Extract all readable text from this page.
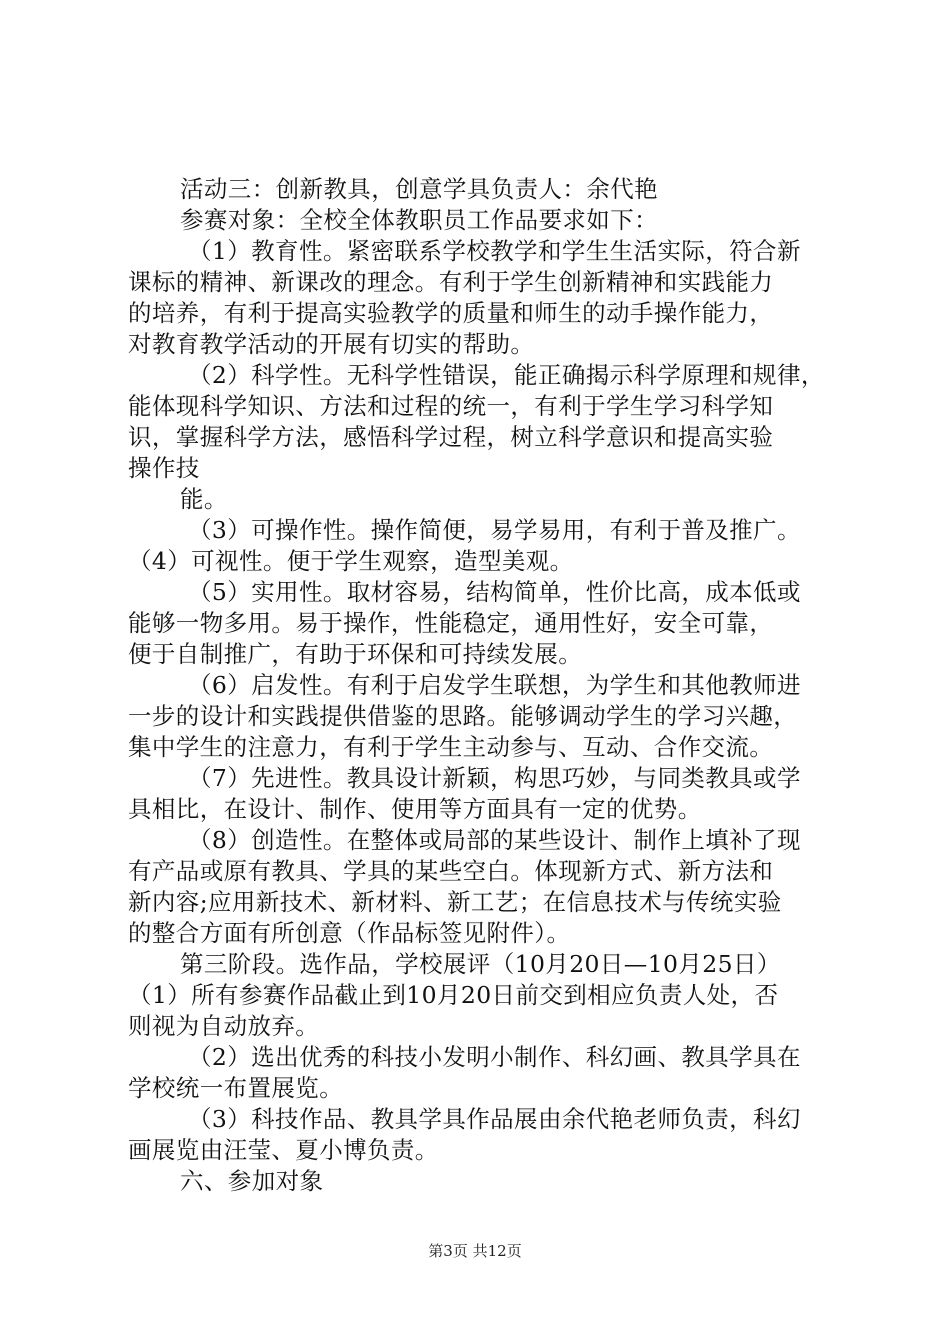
活动三：创新教具，创意学具负责人：余代艳
参赛对象：全校全体教职员工作品要求如下：
（1）教育性。紧密联系学校教学和学生生活实际，符合新
课标的精神、新课改的理念。有利于学生创新精神和实践能力
的培养，有利于提高实验教学的质量和师生的动手操作能力，
对教育教学活动的开展有切实的帮助。
（2）科学性。无科学性错误，能正确揭示科学原理和规律，
能体现科学知识、方法和过程的统一，有利于学生学习科学知
识，掌握科学方法，感悟科学过程，树立科学意识和提高实验
操作技
能。
（3）可操作性。操作简便，易学易用，有利于普及推广。
（4）可视性。便于学生观察，造型美观。
（5）实用性。取材容易，结构简单，性价比高，成本低或
能够一物多用。易于操作，性能稳定，通用性好，安全可靠，
便于自制推广，有助于环保和可持续发展。
（6）启发性。有利于启发学生联想，为学生和其他教师进
一步的设计和实践提供借鉴的思路。能够调动学生的学习兴趣，
集中学生的注意力，有利于学生主动参与、互动、合作交流。
（7）先进性。教具设计新颖，构思巧妙，与同类教具或学
具相比，在设计、制作、使用等方面具有一定的优势。
（8）创造性。在整体或局部的某些设计、制作上填补了现
有产品或原有教具、学具的某些空白。体现新方式、新方法和
新内容;应用新技术、新材料、新工艺；在信息技术与传统实验
的整合方面有所创意（作品标签见附件）。
第三阶段。选作品，学校展评（10月20日—10月25日）
（1）所有参赛作品截止到10月20日前交到相应负责人处，否
则视为自动放弃。
（2）选出优秀的科技小发明小制作、科幻画、教具学具在
学校统一布置展览。
（3）科技作品、教具学具作品展由余代艳老师负责，科幻
画展览由汪莹、夏小博负责。
六、参加对象
第3页 共12页
